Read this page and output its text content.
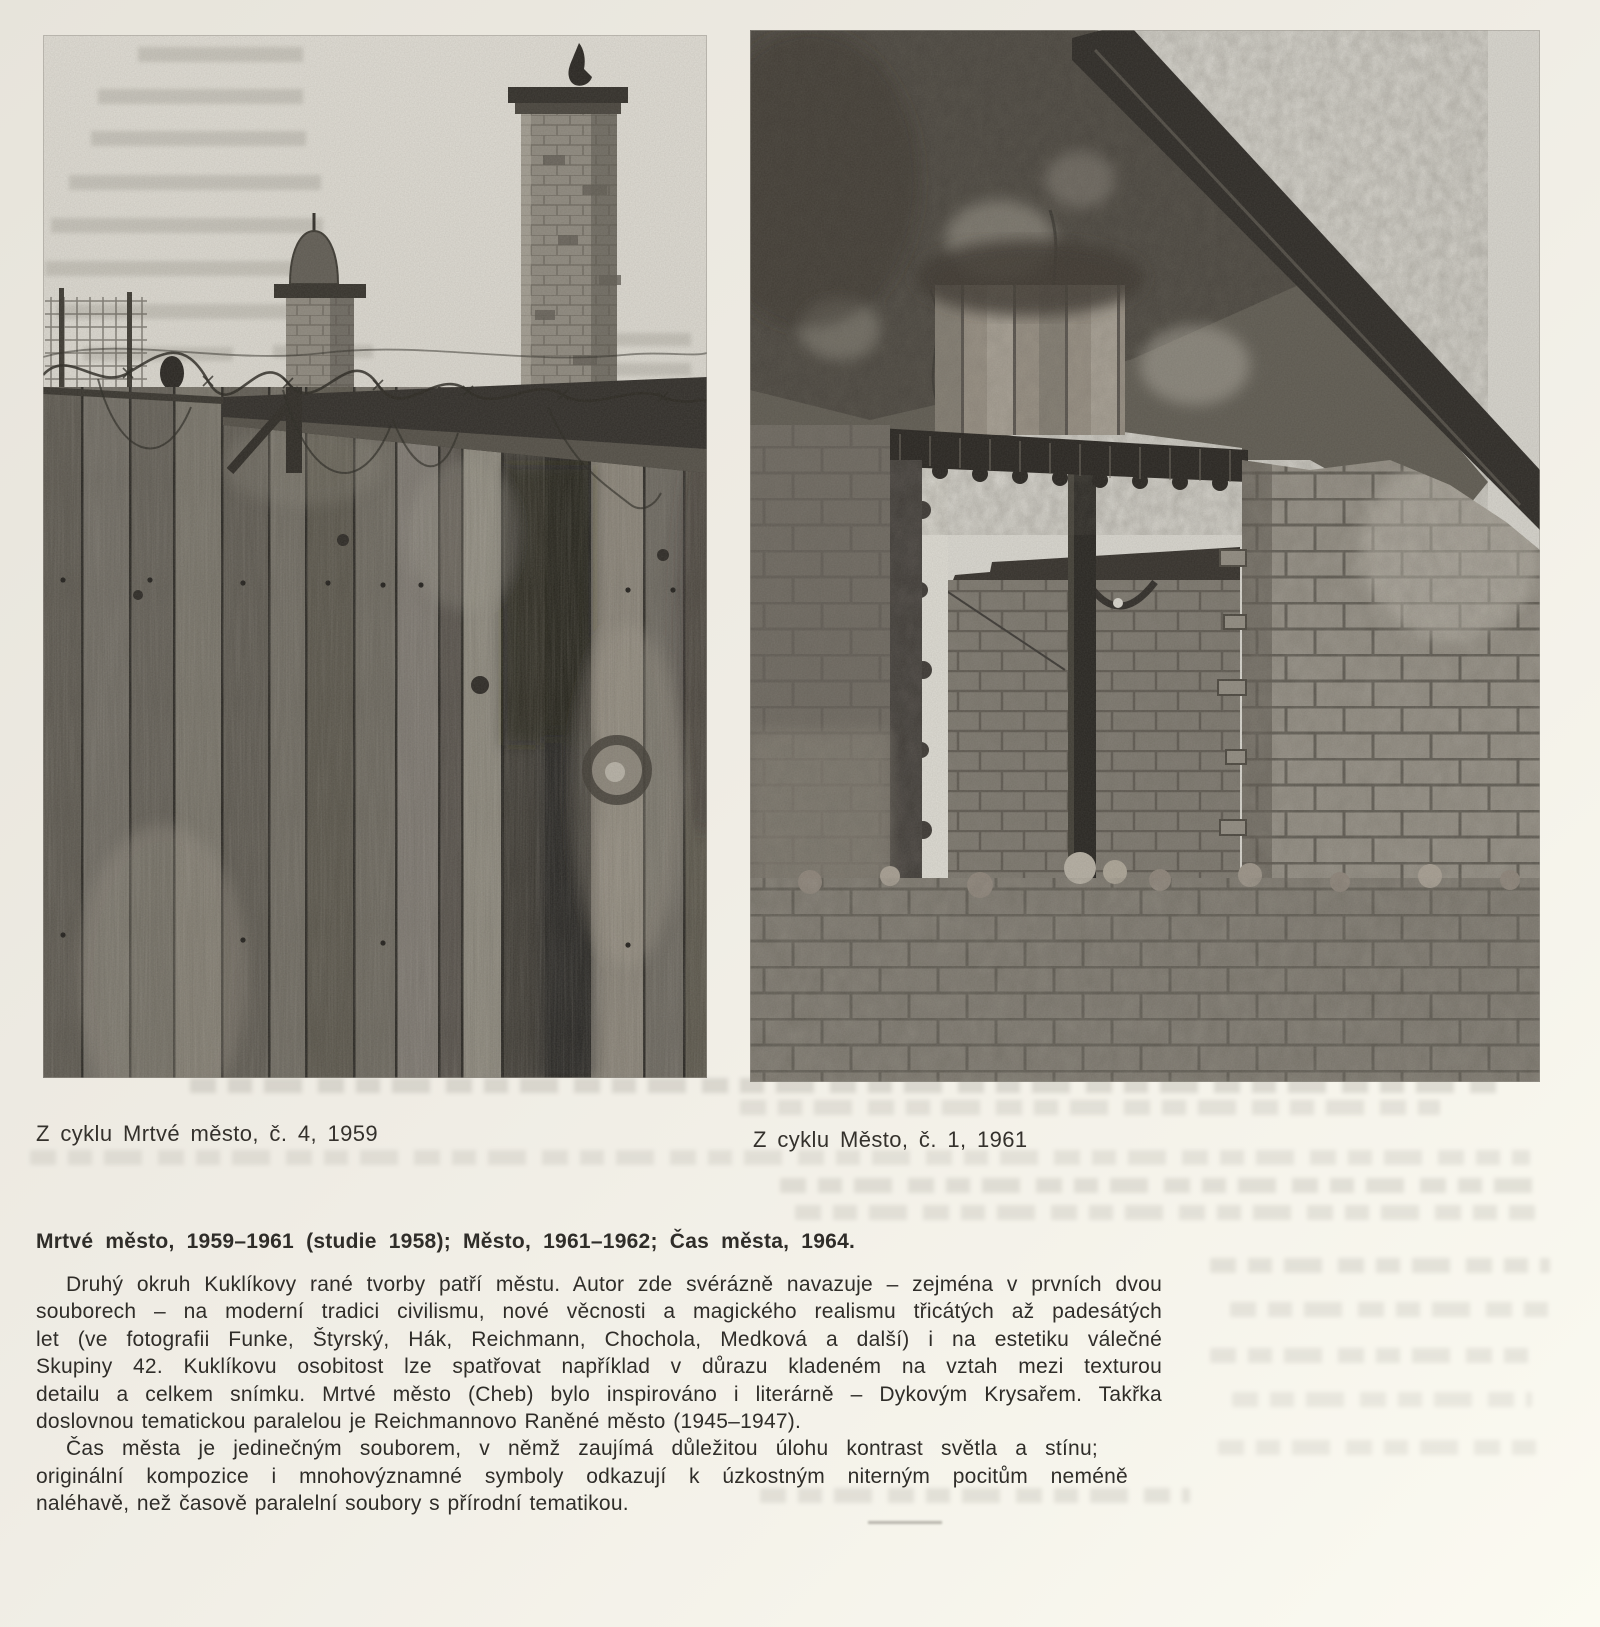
Z cyklu Mrtvé město, č. 4, 1959	Z cyklu Město, č. 1, 1961

Mrtvé město, 1959–1961 (studie 1958); Město, 1961–1962; Čas města, 1964.

Druhý okruh Kuklíkovy rané tvorby patří městu. Autor zde svérázně navazuje – zejména v prvních dvou
souborech – na moderní tradici civilismu, nové věcnosti a magického realismu třicátých až padesátých
let (ve fotografii Funke, Štyrský, Hák, Reichmann, Chochola, Medková a další) i na estetiku válečné
Skupiny 42. Kuklíkovu osobitost lze spatřovat například v důrazu kladeném na vztah mezi texturou
detailu a celkem snímku. Mrtvé město (Cheb) bylo inspirováno i literárně – Dykovým Krysařem. Takřka
doslovnou tematickou paralelou je Reichmannovo Raněné město (1945–1947).
Čas města je jedinečným souborem, v němž zaujímá důležitou úlohu kontrast světla a stínu;
originální kompozice i mnohovýznamné symboly odkazují k úzkostným niterným pocitům neméně
naléhavě, než časově paralelní soubory s přírodní tematikou.
